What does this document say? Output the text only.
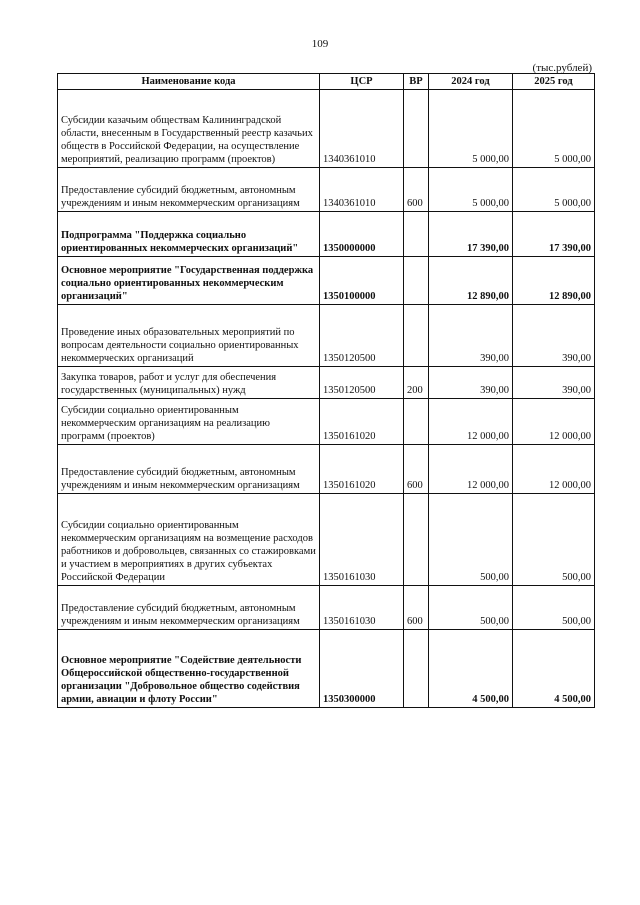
109
(тыс.рублей)
Наименование кода	ЦСР	ВР	2024 год	2025 год
Субсидии казачьим обществам Калининградской области, внесенным в Государственный реестр казачьих обществ в Российской Федерации, на осуществление мероприятий, реализацию программ (проектов)	1340361010		5 000,00	5 000,00
Предоставление субсидий бюджетным, автономным учреждениям и иным некоммерческим организациям	1340361010	600	5 000,00	5 000,00
Подпрограмма "Поддержка социально ориентированных некоммерческих организаций"	1350000000		17 390,00	17 390,00
Основное мероприятие "Государственная поддержка социально ориентированных некоммерческим организаций"	1350100000		12 890,00	12 890,00
Проведение иных образовательных мероприятий по вопросам деятельности социально ориентированных некоммерческих организаций	1350120500		390,00	390,00
Закупка товаров, работ и услуг для обеспечения государственных (муниципальных) нужд	1350120500	200	390,00	390,00
Субсидии социально ориентированным некоммерческим организациям на реализацию программ (проектов)	1350161020		12 000,00	12 000,00
Предоставление субсидий бюджетным, автономным учреждениям и иным некоммерческим организациям	1350161020	600	12 000,00	12 000,00
Субсидии социально ориентированным некоммерческим организациям на возмещение расходов работников и добровольцев, связанных со стажировками и участием в мероприятиях в других субъектах Российской Федерации	1350161030		500,00	500,00
Предоставление субсидий бюджетным, автономным учреждениям и иным некоммерческим организациям	1350161030	600	500,00	500,00
Основное мероприятие "Содействие деятельности Общероссийской общественно-государственной организации "Добровольное общество содействия армии, авиации и флоту России"	1350300000		4 500,00	4 500,00
